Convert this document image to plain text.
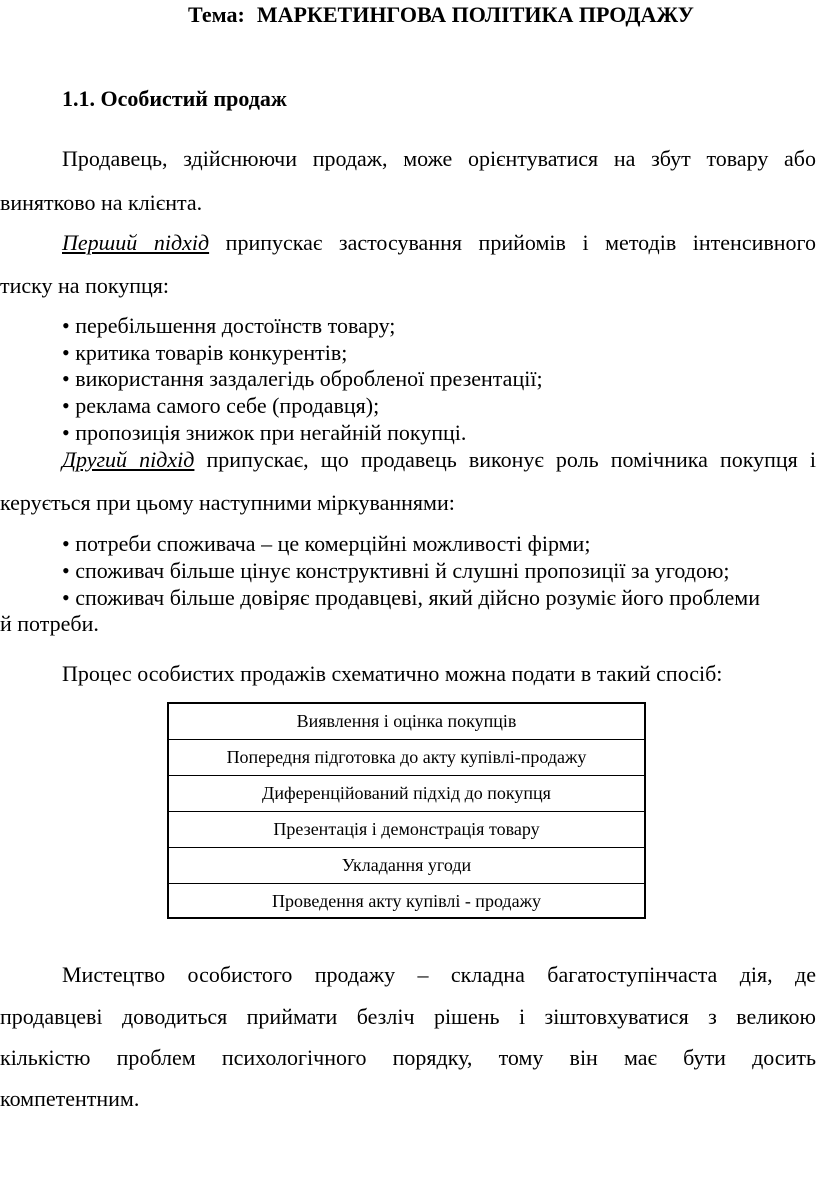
Тема: МАРКЕТИНГОВА ПОЛІТИКА ПРОДАЖУ
1.1. Особистий продаж
Продавець, здійснюючи продаж, може орієнтуватися на збут товару або
винятково на клієнта.
Перший підхід припускає застосування прийомів і методів інтенсивного
тиску на покупця:
• перебільшення достоїнств товару;
• критика товарів конкурентів;
• використання заздалегідь обробленої презентації;
• реклама самого себе (продавця);
• пропозиція знижок при негайній покупці.
Другий підхід припускає, що продавець виконує роль помічника покупця і
керується при цьому наступними міркуваннями:
• потреби споживача – це комерційні можливості фірми;
• споживач більше цінує конструктивні й слушні пропозиції за угодою;
• споживач більше довіряє продавцеві, який дійсно розуміє його проблеми
й потреби.
Процес особистих продажів схематично можна подати в такий спосіб:
Виявлення і оцінка покупців
Попередня підготовка до акту купівлі-продажу
Диференційований підхід до покупця
Презентація і демонстрація товару
Укладання угоди
Проведення акту купівлі - продажу
Мистецтво особистого продажу – складна багатоступінчаста дія, де
продавцеві доводиться приймати безліч рішень і зіштовхуватися з великою
кількістю проблем психологічного порядку, тому він має бути досить
компетентним.
